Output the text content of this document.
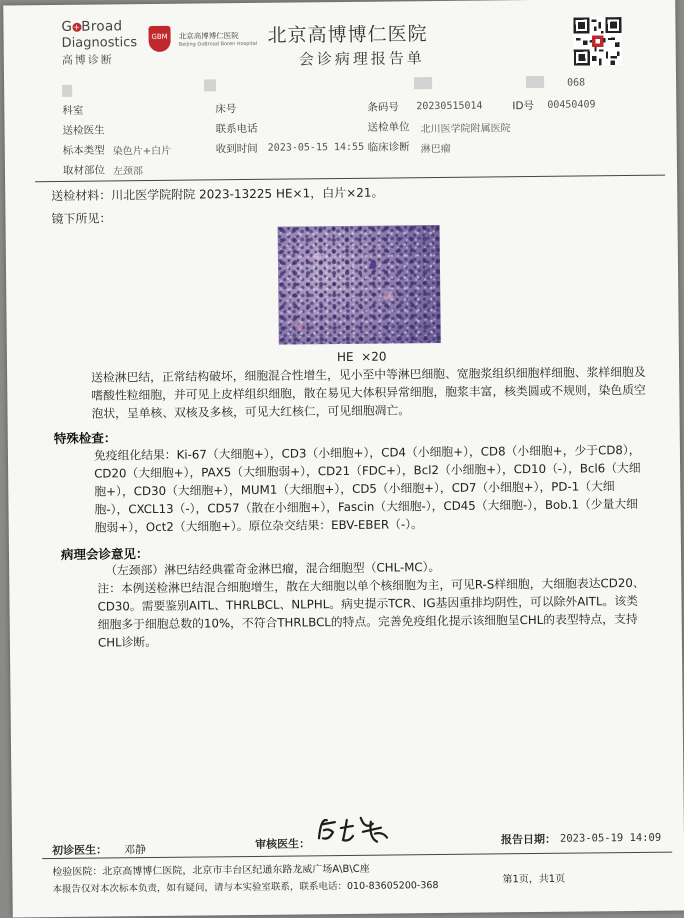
G+Broad
Diagnostics
高博诊断
GBM 北京高博博仁医院
Beijing GoBroad Boren Hospital 北京高博博仁医院
会诊病理报告单
068
科室	床号	条码号 20230515014	ID号 00450409
送检医生	联系电话	送检单位 北川医学院附属医院
标本类型 染色片+白片	收到时间 2023-05-15 14:55 临床诊断 淋巴瘤
取材部位 左颈部
送检材料：川北医学院附院 2023-13225 HE×1，白片×21。
镜下所见：
HE  ×20

送检淋巴结，正常结构破坏，细胞混合性增生，见小至中等淋巴细胞、宽胞浆组织细胞样细胞、浆样细胞及嗜酸性粒细胞，并可见上皮样组织细胞，散在易见大体积异常细胞，胞浆丰富，核类圆或不规则，染色质空泡状，呈单核、双核及多核，可见大红核仁，可见细胞凋亡。

特殊检查：

免疫组化结果：Ki-67（大细胞+），CD3（小细胞+），CD4（小细胞+），CD8（小细胞+，少于CD8），CD20（大细胞+），PAX5（大细胞弱+），CD21（FDC+），Bcl2（小细胞+），CD10（-），Bcl6（大细胞+），CD30（大细胞+），MUM1（大细胞+），CD5（小细胞+），CD7（小细胞+），PD-1（大细胞-），CXCL13（-），CD57（散在小细胞+），Fascin（大细胞-），CD45（大细胞-），Bob.1（少量大细胞弱+），Oct2（大细胞+）。原位杂交结果：EBV-EBER（-）。

病理会诊意见：

（左颈部）淋巴结经典霍奇金淋巴瘤，混合细胞型（CHL-MC）。

注：本例送检淋巴结混合细胞增生，散在大细胞以单个核细胞为主，可见R-S样细胞，大细胞表达CD20、CD30。需要鉴别AITL、THRLBCL、NLPHL。病史提示TCR、IG基因重排均阴性，可以除外AITL。该类细胞多于细胞总数的10%，不符合THRLBCL的特点。完善免疫组化提示该细胞呈CHL的表型特点，支持CHL诊断。

初诊医生： 邓静	审核医生：	报告日期： 2023-05-19 14:09
检验医院：北京高博博仁医院，北京市丰台区纪通东路龙威广场A\B\C座
第1页，共1页
本报告仅对本次标本负责，如有疑问，请与本实验室联系，联系电话：010-83605200-368
